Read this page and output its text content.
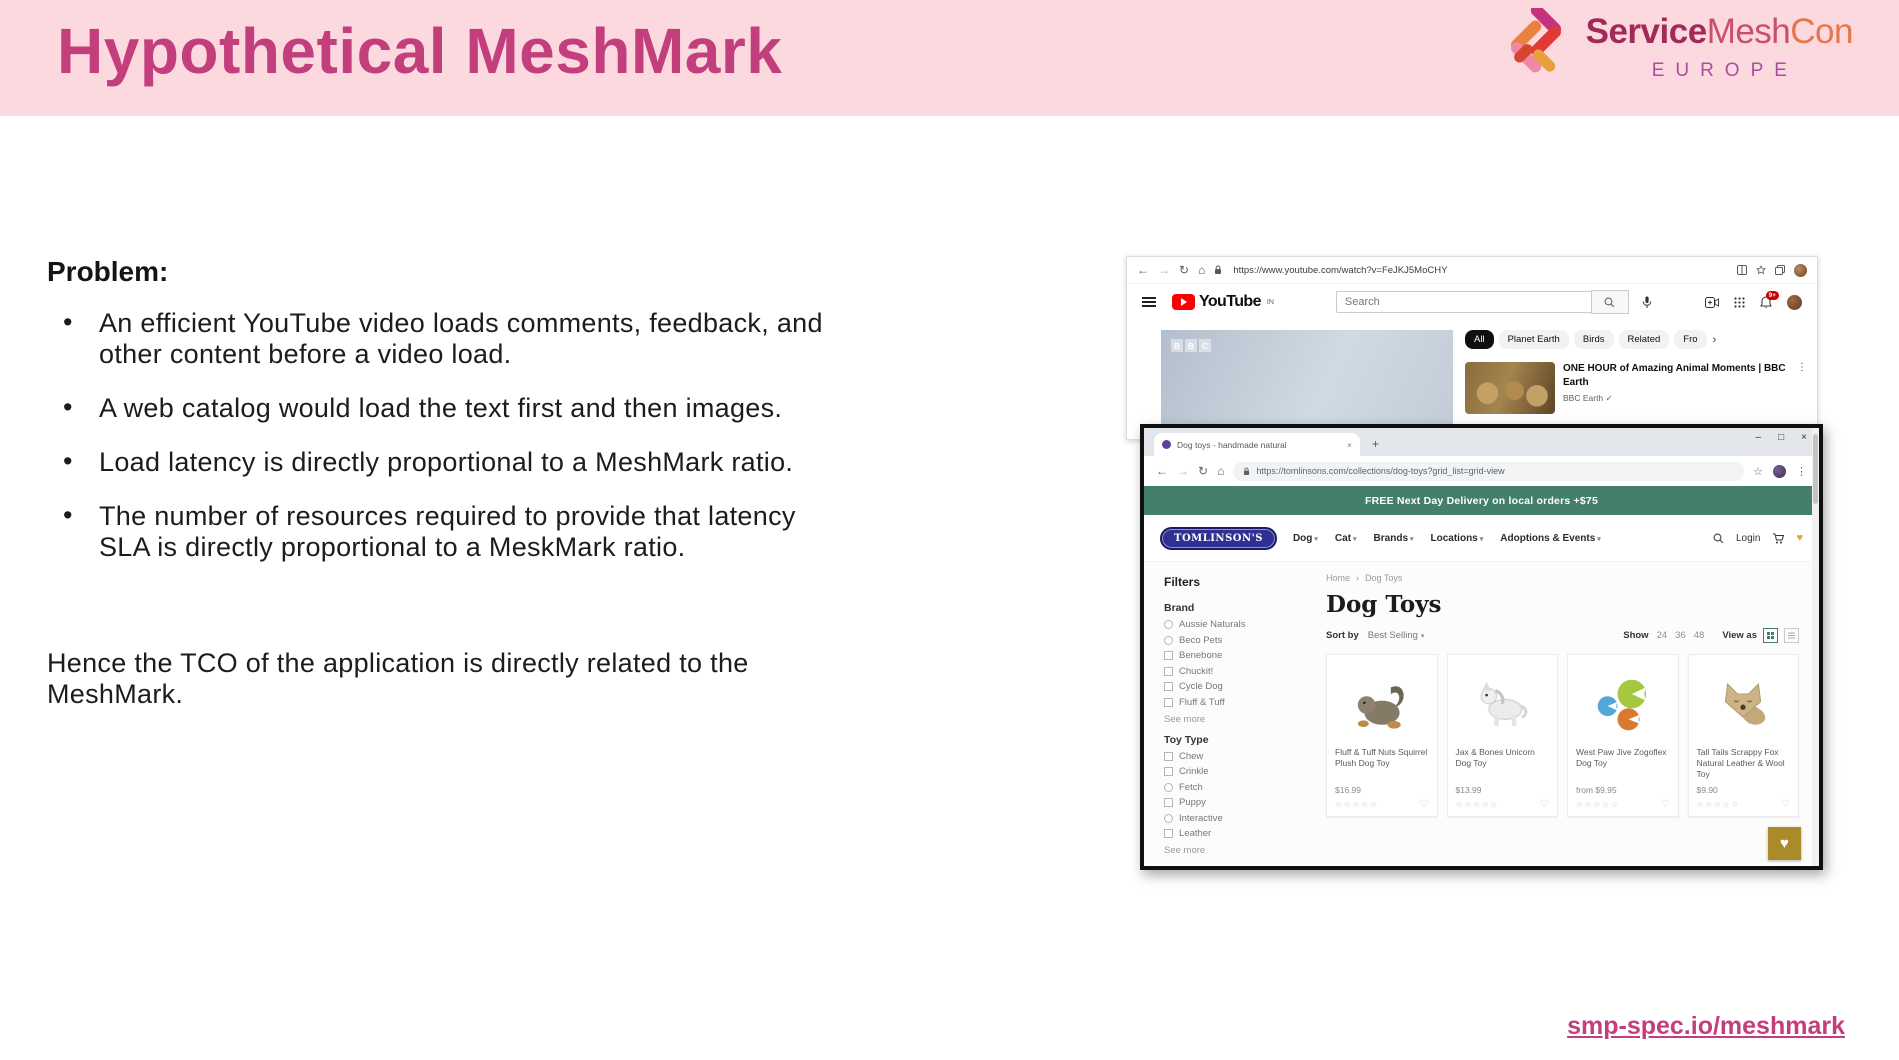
Hypothetical MeshMark	ServiceMeshCon
EUROPE
Problem:
• An efficient YouTube video loads comments, feedback, and other content before a video load.
• A web catalog would load the text first and then images.
• Load latency is directly proportional to a MeshMark ratio.
• The number of resources required to provide that latency SLA is directly proportional to a MeskMark ratio.
Hence the TCO of the application is directly related to the MeshMark.
smp-spec.io/meshmark
← → ↻ ⌂	https://www.youtube.com/watch?v=FeJKJ5MoCHY
YouTube IN
Search
9+
B B C
All	Planet Earth	Birds	Related	Fro	›
ONE HOUR of Amazing Animal Moments | BBC Earth
BBC Earth ✓
⋮
Dog toys - handmade natural	× +	– □ ×
← → ↻ ⌂	https://tomlinsons.com/collections/dog-toys?grid_list=grid-view	☆	⋮
FREE Next Day Delivery on local orders +$75
TOMLINSON'S	Dog ▾ Cat ▾ Brands ▾ Locations ▾ Adoptions & Events ▾	Login	♥
Filters
Brand
Aussie Naturals
Beco Pets
Benebone
Chuckit!
Cycle Dog
Fluff & Tuff
See more
Toy Type
Chew
Crinkle
Fetch
Puppy
Interactive
Leather
See more
Home › Dog Toys
Dog Toys
Sort by Best Selling ▾	Show 24 36 48 View as
Fluff & Tuff Nuts Squirrel Plush Dog Toy
$16.99
☆☆☆☆☆	♡
Jax & Bones Unicorn Dog Toy
$13.99
☆☆☆☆☆	♡
West Paw Jive Zogoflex Dog Toy
from $9.95
☆☆☆☆☆	♡
Tall Tails Scrappy Fox Natural Leather & Wool Toy
$9.90
☆☆☆☆☆	♡
♥
